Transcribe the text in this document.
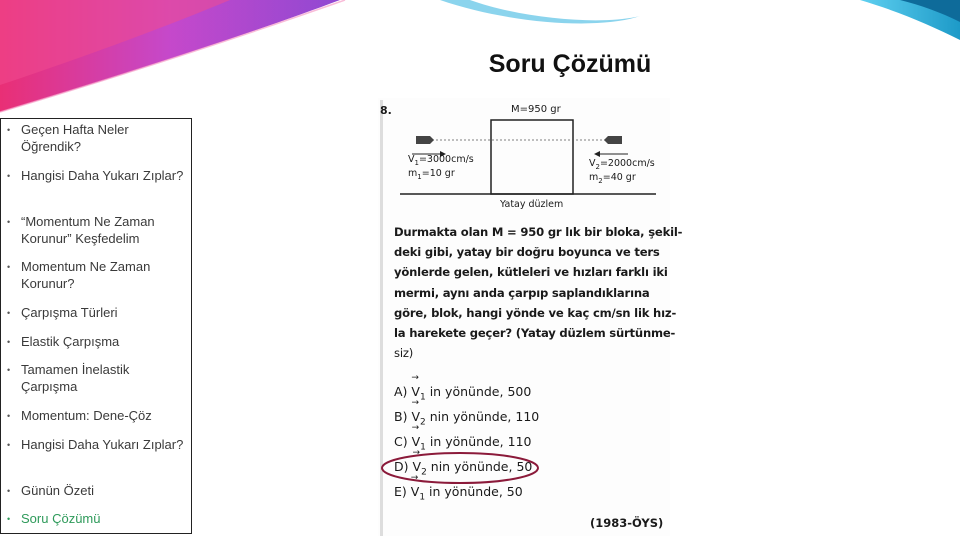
Soru Çözümü
• Geçen Hafta Neler Öğrendik?
• Hangisi Daha Yukarı Zıplar?
• “Momentum Ne Zaman Korunur” Keşfedelim
• Momentum Ne Zaman Korunur?
• Çarpışma Türleri
• Elastik Çarpışma
• Tamamen İnelastik Çarpışma
• Momentum: Dene-Çöz
• Hangisi Daha Yukarı Zıplar?
• Günün Özeti
• Soru Çözümü
8.	M=950 gr
$V_1=3000cm/s$
$m_1=10$ gr
$V_2=2000cm/s$
$m_2=40$ gr
Yatay düzlem
Durmakta olan M = 950 gr lık bir bloka, şekil-
deki gibi, yatay bir doğru boyunca ve ters
yönlerde gelen, kütleleri ve hızları farklı iki
mermi, aynı anda çarpıp saplandıklarına
göre, blok, hangi yönde ve kaç cm/sn lik hız-
la harekete geçer? (Yatay düzlem sürtünme-
siz)
$A) \to V_1$ in yönünde, 500
$B) \to V_2$ nin yönünde, 110
$C) \to V_1$ in yönünde, 110
$D) \to V_2$ nin yönünde, 50
$E) \to V_1$ in yönünde, 50
(1983-ÖYS)
